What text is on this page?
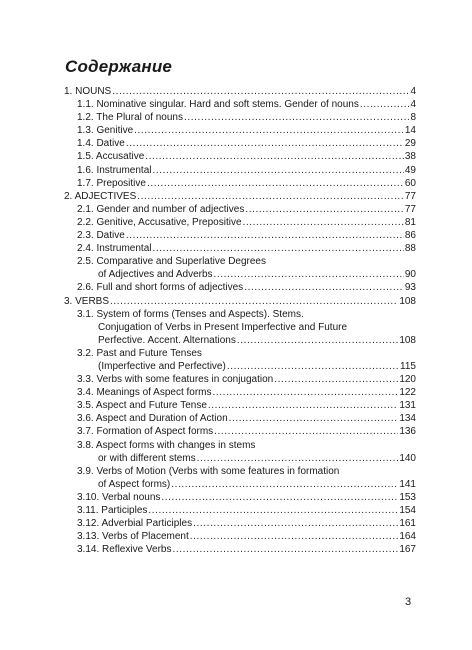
Содержание
1. NOUNS .....	4
1.1. Nominative singular. Hard and soft stems. Gender of nouns .....	4
1.2. The Plural of nouns .....	8
1.3. Genitive .....	14
1.4. Dative .....	29
1.5. Accusative .....	38
1.6. Instrumental .....	49
1.7. Prepositive .....	60
2. ADJECTIVES .....	77
2.1. Gender and number of adjectives .....	77
2.2. Genitive, Accusative, Prepositive .....	81
2.3. Dative .....	86
2.4. Instrumental .....	88
2.5. Comparative and Superlative Degrees
of Adjectives and Adverbs .....	90
2.6. Full and short forms of adjectives .....	93
3. VERBS .....	108
3.1. System of forms (Tenses and Aspects). Stems.
Conjugation of Verbs in Present Imperfective and Future
Perfective. Accent. Alternations .....	108
3.2. Past and Future Tenses
(Imperfective and Perfective) .....	115
3.3. Verbs with some features in conjugation .....	120
3.4. Meanings of Aspect forms .....	122
3.5. Aspect and Future Tense .....	131
3.6. Aspect and Duration of Action .....	134
3.7. Formation of Aspect forms .....	136
3.8. Aspect forms with changes in stems
or with different stems .....	140
3.9. Verbs of Motion (Verbs with some features in formation
of Aspect forms) .....	141
3.10. Verbal nouns .....	153
3.11. Participles .....	154
3.12. Adverbial Participles .....	161
3.13. Verbs of Placement .....	164
3.14. Reflexive Verbs .....	167
3
